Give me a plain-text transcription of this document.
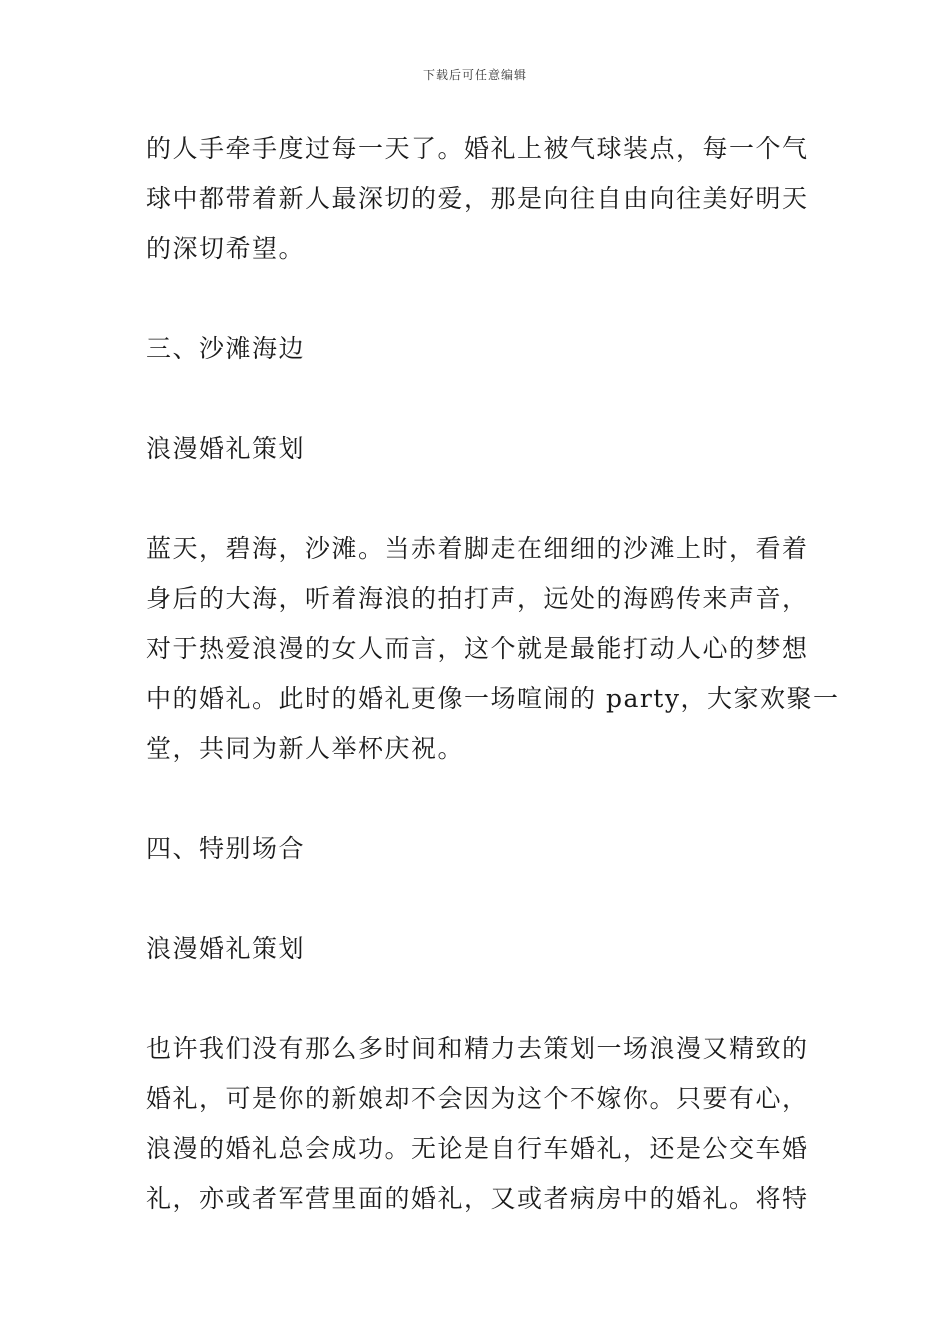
下载后可任意编辑

的人手牵手度过每一天了。婚礼上被气球装点，每一个气
球中都带着新人最深切的爱，那是向往自由向往美好明天
的深切希望。

三、沙滩海边

浪漫婚礼策划

蓝天，碧海，沙滩。当赤着脚走在细细的沙滩上时，看着
身后的大海，听着海浪的拍打声，远处的海鸥传来声音，
对于热爱浪漫的女人而言，这个就是最能打动人心的梦想
中的婚礼。此时的婚礼更像一场喧闹的 party，大家欢聚一
堂，共同为新人举杯庆祝。

四、特别场合

浪漫婚礼策划

也许我们没有那么多时间和精力去策划一场浪漫又精致的
婚礼，可是你的新娘却不会因为这个不嫁你。只要有心，
浪漫的婚礼总会成功。无论是自行车婚礼，还是公交车婚
礼，亦或者军营里面的婚礼，又或者病房中的婚礼。将特
